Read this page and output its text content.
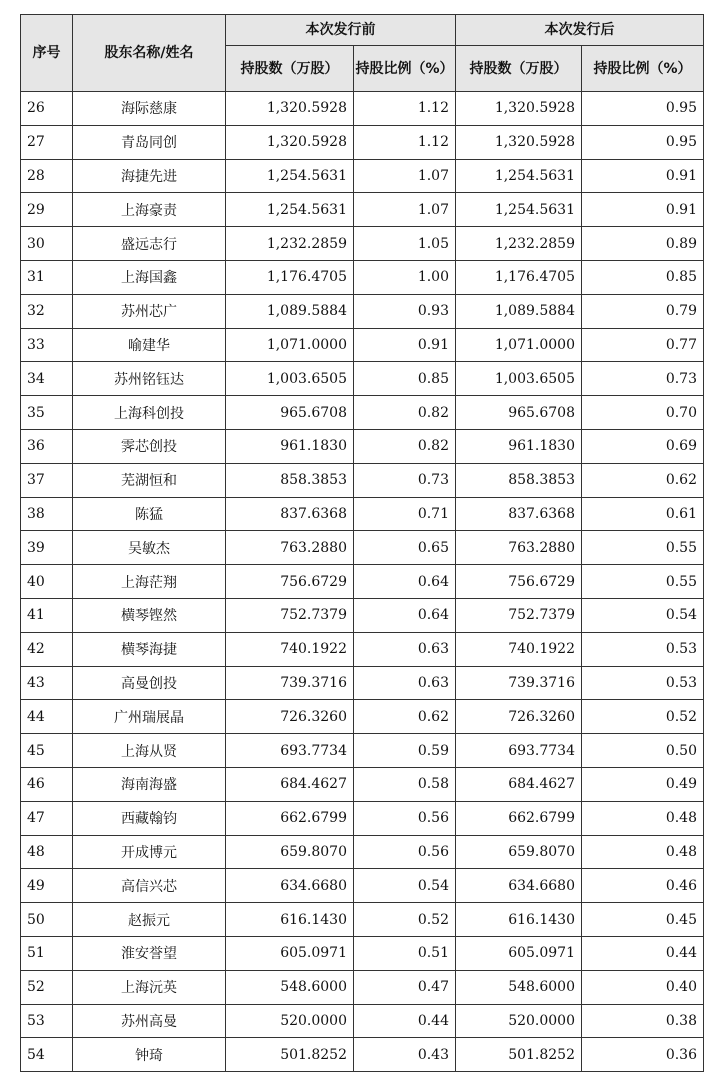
序号	股东名称/姓名	本次发行前		本次发行后	
		持股数（万股）	持股比例（%）	持股数（万股）	持股比例（%）
26	海际慈康	1,320.5928	1.12	1,320.5928	0.95
27	青岛同创	1,320.5928	1.12	1,320.5928	0.95
28	海捷先进	1,254.5631	1.07	1,254.5631	0.91
29	上海豪责	1,254.5631	1.07	1,254.5631	0.91
30	盛远志行	1,232.2859	1.05	1,232.2859	0.89
31	上海国鑫	1,176.4705	1.00	1,176.4705	0.85
32	苏州芯广	1,089.5884	0.93	1,089.5884	0.79
33	喻建华	1,071.0000	0.91	1,071.0000	0.77
34	苏州铭钰达	1,003.6505	0.85	1,003.6505	0.73
35	上海科创投	965.6708	0.82	965.6708	0.70
36	霁芯创投	961.1830	0.82	961.1830	0.69
37	芜湖恒和	858.3853	0.73	858.3853	0.62
38	陈猛	837.6368	0.71	837.6368	0.61
39	吴敏杰	763.2880	0.65	763.2880	0.55
40	上海茫翔	756.6729	0.64	756.6729	0.55
41	横琴铿然	752.7379	0.64	752.7379	0.54
42	横琴海捷	740.1922	0.63	740.1922	0.53
43	高曼创投	739.3716	0.63	739.3716	0.53
44	广州瑞展晶	726.3260	0.62	726.3260	0.52
45	上海从贤	693.7734	0.59	693.7734	0.50
46	海南海盛	684.4627	0.58	684.4627	0.49
47	西藏翰钧	662.6799	0.56	662.6799	0.48
48	开成博元	659.8070	0.56	659.8070	0.48
49	高信兴芯	634.6680	0.54	634.6680	0.46
50	赵振元	616.1430	0.52	616.1430	0.45
51	淮安誉望	605.0971	0.51	605.0971	0.44
52	上海沅英	548.6000	0.47	548.6000	0.40
53	苏州高曼	520.0000	0.44	520.0000	0.38
54	钟琦	501.8252	0.43	501.8252	0.36
